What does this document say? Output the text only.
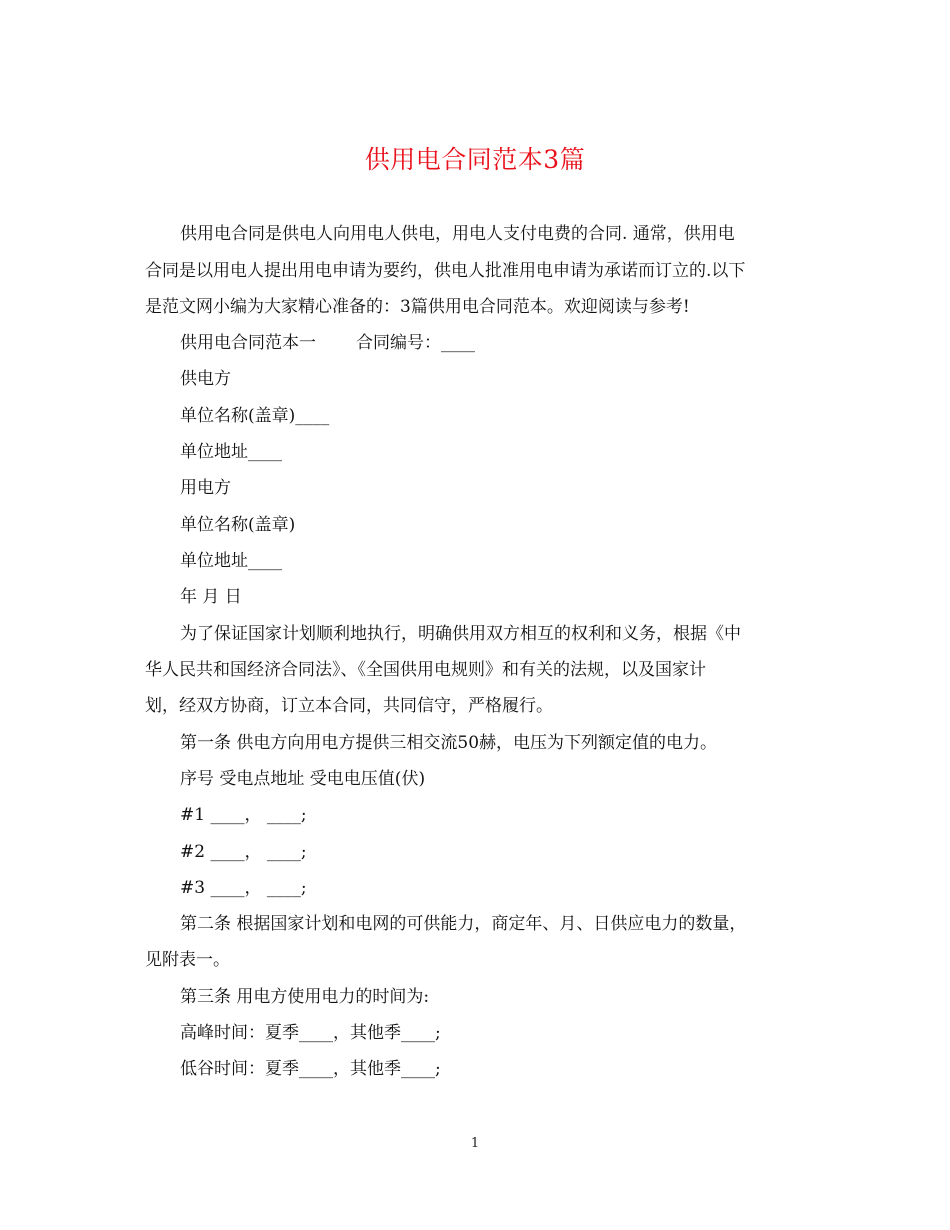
供用电合同范本3篇
供用电合同是供电人向用电人供电，用电人支付电费的合同. 通常，供用电
合同是以用电人提出用电申请为要约，供电人批准用电申请为承诺而订立的.以下
是范文网小编为大家精心准备的：3篇供用电合同范本。欢迎阅读与参考!
供用电合同范本一 合同编号：____
供电方
单位名称(盖章)____
单位地址____
用电方
单位名称(盖章)
单位地址____
年 月 日
为了保证国家计划顺利地执行，明确供用双方相互的权利和义务，根据《中
华人民共和国经济合同法》、《全国供用电规则》和有关的法规，以及国家计
划，经双方协商，订立本合同，共同信守，严格履行。
第一条 供电方向用电方提供三相交流50赫，电压为下列额定值的电力。
序号 受电点地址 受电电压值(伏)
#1 ____， ____;
#2 ____， ____;
#3 ____， ____;
第二条 根据国家计划和电网的可供能力，商定年、月、日供应电力的数量，
见附表一。
第三条 用电方使用电力的时间为:
高峰时间：夏季____，其他季____;
低谷时间：夏季____，其他季____;
1
